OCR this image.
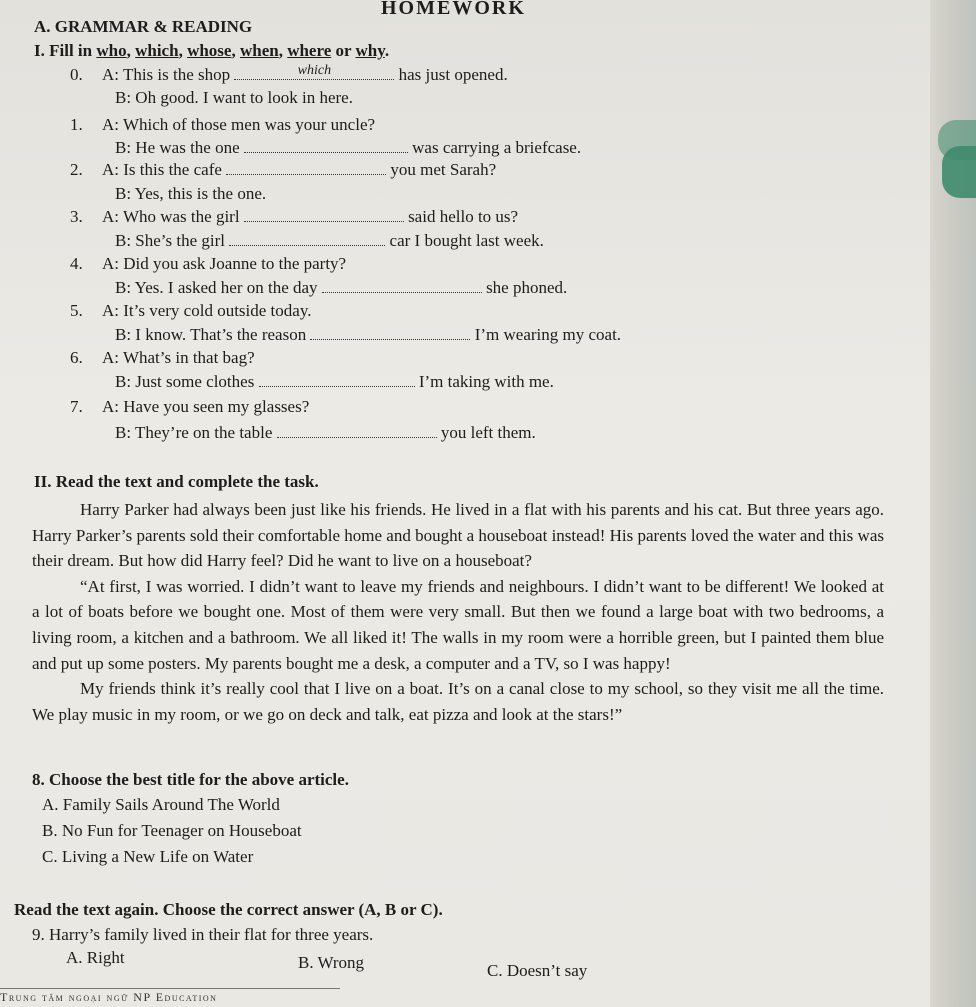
HOMEWORK
A. GRAMMAR & READING
I. Fill in who, which, whose, when, where or why.
0. A: This is the shop	which	has just opened.
B: Oh good. I want to look in here.
1. A: Which of those men was your uncle?
B: He was the one	was carrying a briefcase.
2. A: Is this the cafe	you met Sarah?
B: Yes, this is the one.
3. A: Who was the girl	said hello to us?
B: She’s the girl	car I bought last week.
4. A: Did you ask Joanne to the party?
B: Yes. I asked her on the day	she phoned.
5. A: It’s very cold outside today.
B: I know. That’s the reason	I’m wearing my coat.
6. A: What’s in that bag?
B: Just some clothes	I’m taking with me.
7. A: Have you seen my glasses?
B: They’re on the table	you left them.
II. Read the text and complete the task.

Harry Parker had always been just like his friends. He lived in a flat with his parents and his cat. But three years ago. Harry Parker’s parents sold their comfortable home and bought a houseboat instead! His parents loved the water and this was their dream. But how did Harry feel? Did he want to live on a houseboat?

“At first, I was worried. I didn’t want to leave my friends and neighbours. I didn’t want to be different! We looked at a lot of boats before we bought one. Most of them were very small. But then we found a large boat with two bedrooms, a living room, a kitchen and a bathroom. We all liked it! The walls in my room were a horrible green, but I painted them blue and put up some posters. My parents bought me a desk, a computer and a TV, so I was happy!

My friends think it’s really cool that I live on a boat. It’s on a canal close to my school, so they visit me all the time. We play music in my room, or we go on deck and talk, eat pizza and look at the stars!”

8. Choose the best title for the above article.
A. Family Sails Around The World
B. No Fun for Teenager on Houseboat
C. Living a New Life on Water
Read the text again. Choose the correct answer (A, B or C).
9. Harry’s family lived in their flat for three years.
A. Right	B. Wrong	C. Doesn’t say
Trung tâm ngoại ngữ NP Education
